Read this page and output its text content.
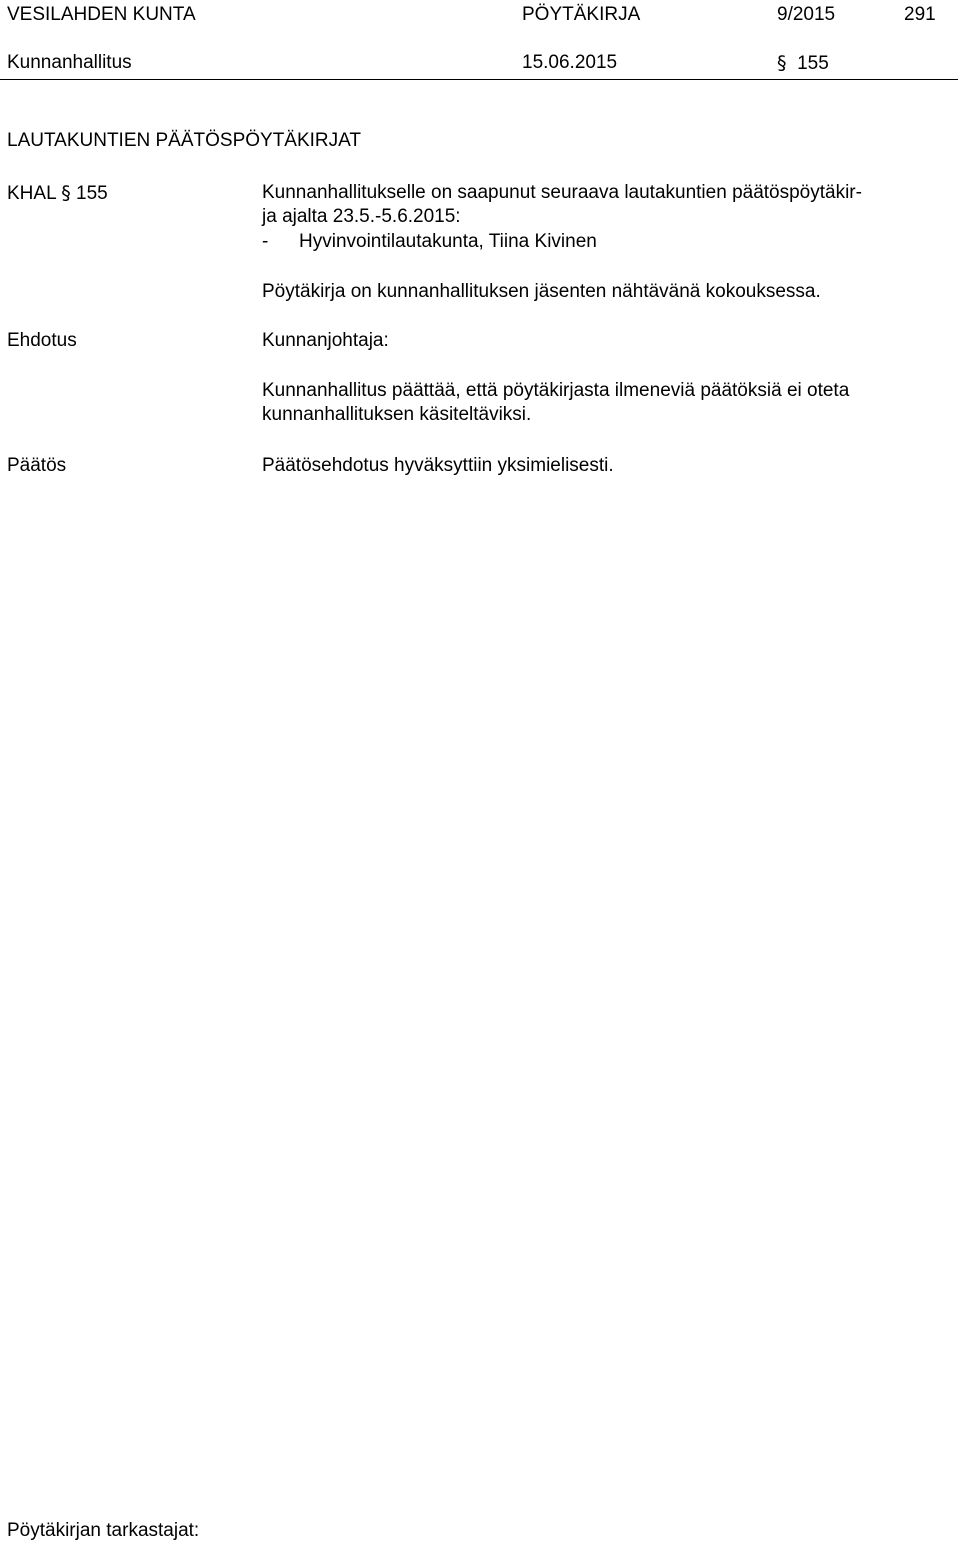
VESILAHDEN KUNTA	PÖYTÄKIRJA	9/2015	291
Kunnanhallitus	15.06.2015	§ 155
LAUTAKUNTIEN PÄÄTÖSPÖYTÄKIRJAT
KHAL § 155	Kunnanhallitukselle on saapunut seuraava lautakuntien päätöspöytäkir-
ja ajalta 23.5.-5.6.2015:
- Hyvinvointilautakunta, Tiina Kivinen
Pöytäkirja on kunnanhallituksen jäsenten nähtävänä kokouksessa.
Ehdotus	Kunnanjohtaja:
Kunnanhallitus päättää, että pöytäkirjasta ilmeneviä päätöksiä ei oteta
kunnanhallituksen käsiteltäviksi.
Päätös	Päätösehdotus hyväksyttiin yksimielisesti.
Pöytäkirjan tarkastajat:
